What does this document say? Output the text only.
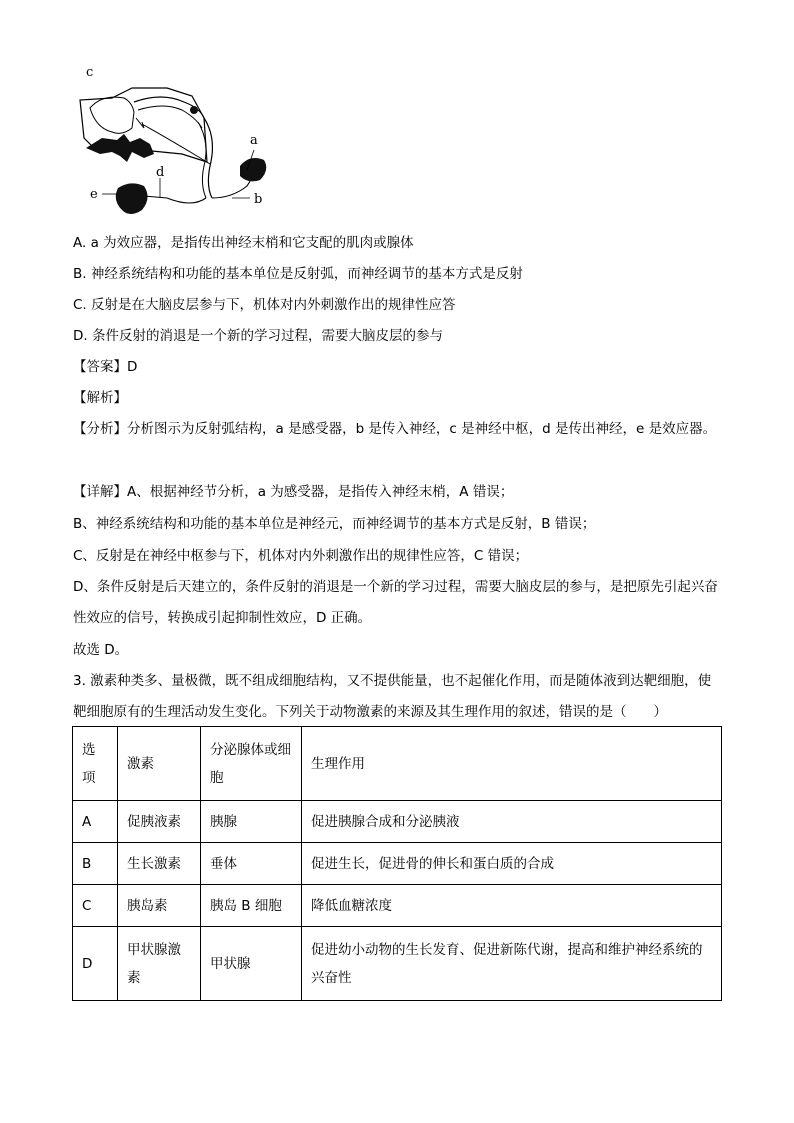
c
a
b
d
e
A. a 为效应器，是指传出神经末梢和它支配的肌肉或腺体
B. 神经系统结构和功能的基本单位是反射弧，而神经调节的基本方式是反射
C. 反射是在大脑皮层参与下，机体对内外刺激作出的规律性应答
D. 条件反射的消退是一个新的学习过程，需要大脑皮层的参与
【答案】D
【解析】
【分析】分析图示为反射弧结构，a 是感受器，b 是传入神经，c 是神经中枢，d 是传出神经，e 是效应器。
【详解】A、根据神经节分析，a 为感受器，是指传入神经末梢，A 错误；
B、神经系统结构和功能的基本单位是神经元，而神经调节的基本方式是反射，B 错误；
C、反射是在神经中枢参与下，机体对内外刺激作出的规律性应答，C 错误；
D、条件反射是后天建立的，条件反射的消退是一个新的学习过程，需要大脑皮层的参与，是把原先引起兴奋性效应的信号，转换成引起抑制性效应，D 正确。
故选 D。
3. 激素种类多、量极微，既不组成细胞结构，又不提供能量，也不起催化作用，而是随体液到达靶细胞，使靶细胞原有的生理活动发生变化。下列关于动物激素的来源及其生理作用的叙述，错误的是（　　）
选项	激素	分泌腺体或细胞	生理作用
A	促胰液素	胰腺	促进胰腺合成和分泌胰液
B	生长激素	垂体	促进生长，促进骨的伸长和蛋白质的合成
C	胰岛素	胰岛 B 细胞	降低血糖浓度
D	甲状腺激素	甲状腺	促进幼小动物的生长发育、促进新陈代谢，提高和维护神经系统的兴奋性
